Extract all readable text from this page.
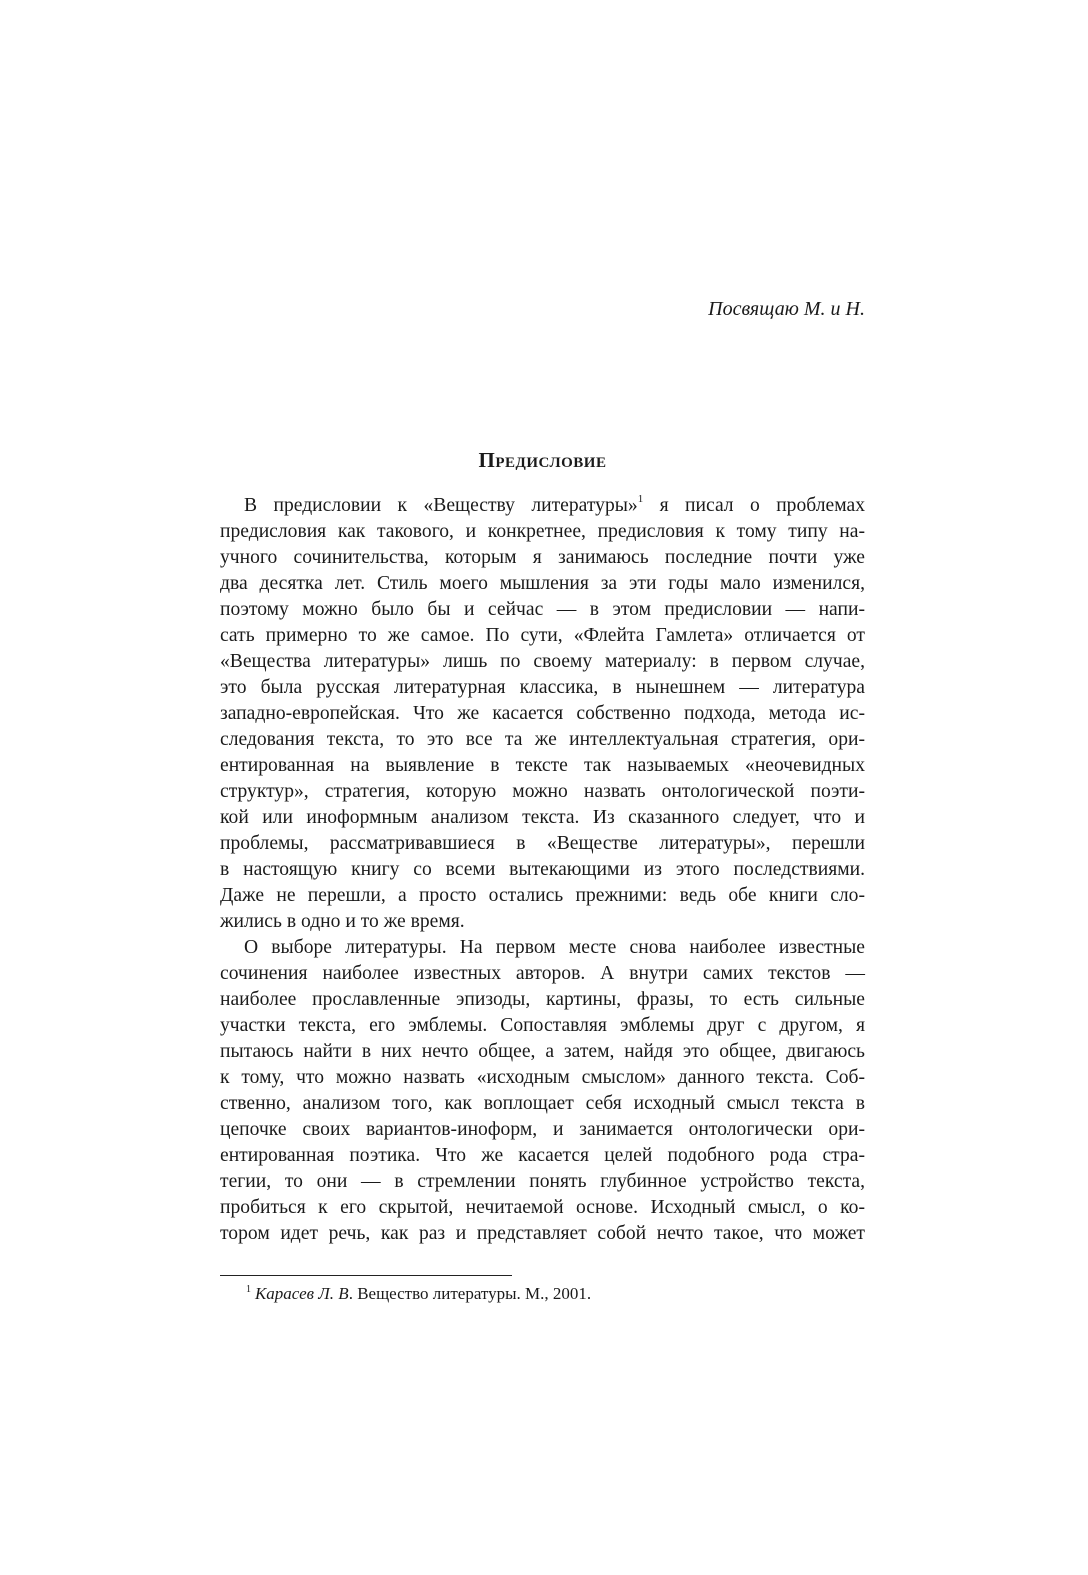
Посвящаю М. и Н.
Предисловие
В предисловии к «Веществу литературы»$^1$ я писал о проблемах
предисловия как такового, и конкретнее, предисловия к тому типу на-
учного сочинительства, которым я занимаюсь последние почти уже
два десятка лет. Стиль моего мышления за эти годы мало изменился,
поэтому можно было бы и сейчас — в этом предисловии — напи-
сать примерно то же самое. По сути, «Флейта Гамлета» отличается от
«Вещества литературы» лишь по своему материалу: в первом случае,
это была русская литературная классика, в нынешнем — литература
западно-европейская. Что же касается собственно подхода, метода ис-
следования текста, то это все та же интеллектуальная стратегия, ори-
ентированная на выявление в тексте так называемых «неочевидных
структур», стратегия, которую можно назвать онтологической поэти-
кой или иноформным анализом текста. Из сказанного следует, что и
проблемы, рассматривавшиеся в «Веществе литературы», перешли
в настоящую книгу со всеми вытекающими из этого последствиями.
Даже не перешли, а просто остались прежними: ведь обе книги сло-
жились в одно и то же время.
О выборе литературы. На первом месте снова наиболее известные
сочинения наиболее известных авторов. А внутри самих текстов —
наиболее прославленные эпизоды, картины, фразы, то есть сильные
участки текста, его эмблемы. Сопоставляя эмблемы друг с другом, я
пытаюсь найти в них нечто общее, а затем, найдя это общее, двигаюсь
к тому, что можно назвать «исходным смыслом» данного текста. Соб-
ственно, анализом того, как воплощает себя исходный смысл текста в
цепочке своих вариантов-иноформ, и занимается онтологически ори-
ентированная поэтика. Что же касается целей подобного рода стра-
тегии, то они — в стремлении понять глубинное устройство текста,
пробиться к его скрытой, нечитаемой основе. Исходный смысл, о ко-
тором идет речь, как раз и представляет собой нечто такое, что может
$^1$ Карасев Л. В. Вещество литературы. М., 2001.
